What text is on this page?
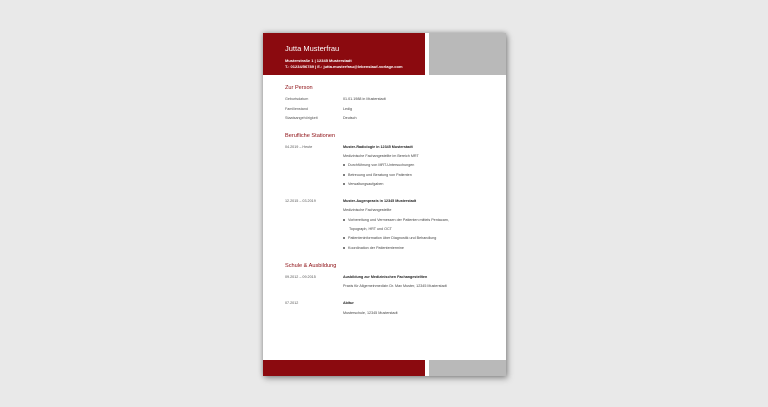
Jutta Musterfrau
Musterstraße 1 | 12345 Musterstadt
T.: 01234/56789 | E.: jutta.musterfrau@lebenslauf-vorlage.com
Zur Person
Geburtsdatum	01.01.1988 in Musterstadt
Familienstand	Ledig
Staatsangehörigkeit	Deutsch
Berufliche Stationen
04.2019 – Heute	Muster-Radiologie in 12345 Musterstadt
Medizinische Fachangestellte im Bereich MRT
Durchführung von MRT-Untersuchungen
Betreuung und Beratung von Patienten
Verwaltungsaufgaben
12.2015 – 03.2019	Muster-Augenpraxis in 12345 Musterstadt
Medizinische Fachangestellte
Vorbereitung und Vermessen der Patienten mittels Pentacam,
Topograph, HRT und OCT
Patienteninformation über Diagnostik und Behandlung
Koordination der Patiententermine
Schule & Ausbildung
09.2012 – 09.2015	Ausbildung zur Medizinischen Fachangestellten
Praxis für Allgemeinmedizin Dr. Max Muster, 12345 Musterstadt
07.2012	Abitur
Musterschule, 12345 Musterstadt
